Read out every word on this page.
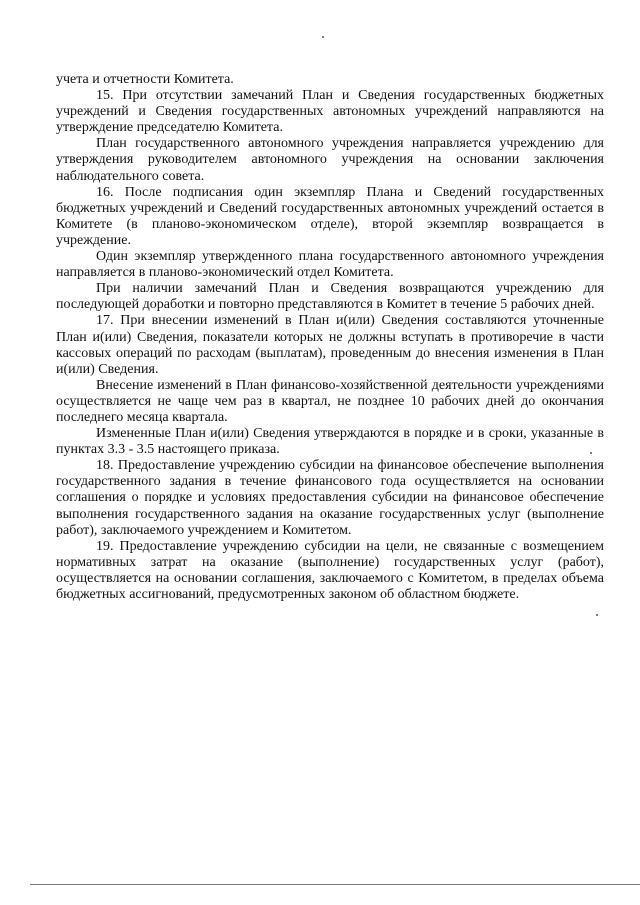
учета и отчетности Комитета.

15. При отсутствии замечаний План и Сведения государственных бюджетных учреждений и Сведения государственных автономных учреждений направляются на утверждение председателю Комитета.

План государственного автономного учреждения направляется учреждению для утверждения руководителем автономного учреждения на основании заключения наблюдательного совета.

16. После подписания один экземпляр Плана и Сведений государственных бюджетных учреждений и Сведений государственных автономных учреждений остается в Комитете (в планово-экономическом отделе), второй экземпляр возвращается в учреждение.

Один экземпляр утвержденного плана государственного автономного учреждения направляется в планово-экономический отдел Комитета.

При наличии замечаний План и Сведения возвращаются учреждению для последующей доработки и повторно представляются в Комитет в течение 5 рабочих дней.

17. При внесении изменений в План и(или) Сведения составляются уточненные План и(или) Сведения, показатели которых не должны вступать в противоречие в части кассовых операций по расходам (выплатам), проведенным до внесения изменения в План и(или) Сведения.

Внесение изменений в План финансово-хозяйственной деятельности учреждениями осуществляется не чаще чем раз в квартал, не позднее 10 рабочих дней до окончания последнего месяца квартала.

Измененные План и(или) Сведения утверждаются в порядке и в сроки, указанные в пунктах 3.3 - 3.5 настоящего приказа.

18. Предоставление учреждению субсидии на финансовое обеспечение выполнения государственного задания в течение финансового года осуществляется на основании соглашения о порядке и условиях предоставления субсидии на финансовое обеспечение выполнения государственного задания на оказание государственных услуг (выполнение работ), заключаемого учреждением и Комитетом.

19. Предоставление учреждению субсидии на цели, не связанные с возмещением нормативных затрат на оказание (выполнение) государственных услуг (работ), осуществляется на основании соглашения, заключаемого с Комитетом, в пределах объема бюджетных ассигнований, предусмотренных законом об областном бюджете.
